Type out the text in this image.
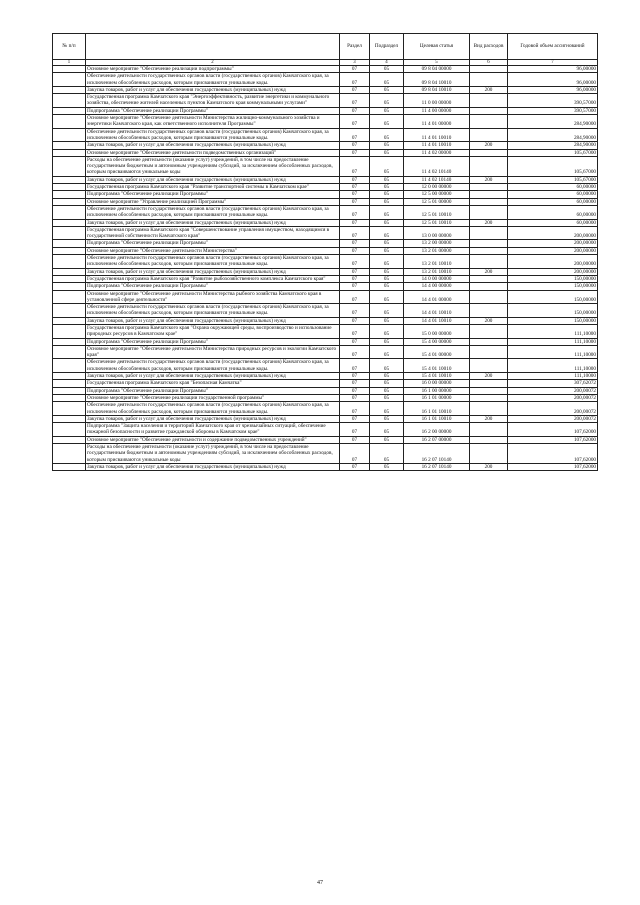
№ п/п		Раздел	Подраздел	Целевая статья	Вид расходов	Годовой объем ассигнований
1	2	3	4	5	6	7
	Основное мероприятие "Обеспечение реализации подпрограммы"	07	05	09 8 04 00000		96,00000
	Обеспечение деятельности государственных органов власти (государственных органов) Камчатского края, за исключением обособленных расходов, которым присваиваются уникальные коды.	07	05	09 8 04 10010		96,00000
	Закупка товаров, работ и услуг для обеспечения государственных (муниципальных) нужд	07	05	09 8 04 10010	200	96,00000
	Государственная программа Камчатского края "Энергоэффективность, развитие энергетики и коммунального хозяйства, обеспечение жителей населенных пунктов Камчатского края коммунальными услугами"	07	05	11 0 00 00000		390,57000
	Подпрограмма "Обеспечение реализации Программы"	07	05	11 4 00 00000		390,57000
	Основное мероприятие "Обеспечение деятельности Министерства жилищно-коммунального хозяйства и энергетики Камчатского края, как ответственного исполнителя Программы"	07	05	11 4 01 00000		284,90000
	Обеспечение деятельности государственных органов власти (государственных органов) Камчатского края, за исключением обособленных расходов, которым присваиваются уникальные коды.	07	05	11 4 01 10010		284,90000
	Закупка товаров, работ и услуг для обеспечения государственных (муниципальных) нужд	07	05	11 4 01 10010	200	284,90000
	Основное мероприятие "Обеспечение деятельности подведомственных организаций"	07	05	11 4 02 00000		105,67000
	Расходы на обеспечение деятельности (оказание услуг) учреждений, в том числе на предоставление государственным бюджетным и автономным учреждениям субсидий, за исключением обособленных расходов, которым присваиваются уникальные коды	07	05	11 4 02 10140		105,67000
	Закупка товаров, работ и услуг для обеспечения государственных (муниципальных) нужд	07	05	11 4 02 10140	200	105,67000
	Государственная программа Камчатского края "Развитие транспортной системы в Камчатском крае"	07	05	12 0 00 00000		60,00000
	Подпрограмма "Обеспечение реализации Программы"	07	05	12 5 00 00000		60,00000
	Основное мероприятие "Управление реализацией Программы"	07	05	12 5 01 00000		60,00000
	Обеспечение деятельности государственных органов власти (государственных органов) Камчатского края, за исключением обособленных расходов, которым присваиваются уникальные коды.	07	05	12 5 01 10010		60,00000
	Закупка товаров, работ и услуг для обеспечения государственных (муниципальных) нужд	07	05	12 5 01 10010	200	60,00000
	Государственная программа Камчатского края "Совершенствование управления имуществом, находящимся в государственной собственности Камчатского края"	07	05	13 0 00 00000		200,00000
	Подпрограмма "Обеспечение реализации Программы"	07	05	13 2 00 00000		200,00000
	Основное мероприятие "Обеспечение деятельности Министерства"	07	05	13 2 01 00000		200,00000
	Обеспечение деятельности государственных органов власти (государственных органов) Камчатского края, за исключением обособленных расходов, которым присваиваются уникальные коды.	07	05	13 2 01 10010		200,00000
	Закупка товаров, работ и услуг для обеспечения государственных (муниципальных) нужд	07	05	13 2 01 10010	200	200,00000
	Государственная программа Камчатского края "Развитие рыбохозяйственного комплекса Камчатского края"	07	05	14 0 00 00000		150,00000
	Подпрограмма "Обеспечение реализации Программы"	07	05	14 4 00 00000		150,00000
	Основное мероприятие "Обеспечение деятельности Министерства рыбного хозяйства Камчатского края в установленной сфере деятельности"	07	05	14 4 01 00000		150,00000
	Обеспечение деятельности государственных органов власти (государственных органов) Камчатского края, за исключением обособленных расходов, которым присваиваются уникальные коды.	07	05	14 4 01 10010		150,00000
	Закупка товаров, работ и услуг для обеспечения государственных (муниципальных) нужд	07	05	14 4 01 10010	200	150,00000
	Государственная программа Камчатского края "Охрана окружающей среды, воспроизводство и использование природных ресурсов в Камчатском крае"	07	05	15 0 00 00000		111,10000
	Подпрограмма "Обеспечение реализации Программы"	07	05	15 4 00 00000		111,10000
	Основное мероприятие "Обеспечение деятельности Министерства природных ресурсов и экологии Камчатского края"	07	05	15 4 01 00000		111,10000
	Обеспечение деятельности государственных органов власти (государственных органов) Камчатского края, за исключением обособленных расходов, которым присваиваются уникальные коды.	07	05	15 4 01 10010		111,10000
	Закупка товаров, работ и услуг для обеспечения государственных (муниципальных) нужд	07	05	15 4 01 10010	200	111,10000
	Государственная программа Камчатского края "Безопасная Камчатка"	07	05	16 0 00 00000		307,62072
	Подпрограмма "Обеспечение реализации Программы"	07	05	16 1 00 00000		200,00072
	Основное мероприятие "Обеспечение реализации государственной программы"	07	05	16 1 01 00000		200,00072
	Обеспечение деятельности государственных органов власти (государственных органов) Камчатского края, за исключением обособленных расходов, которым присваиваются уникальные коды.	07	05	16 1 01 10010		200,00072
	Закупка товаров, работ и услуг для обеспечения государственных (муниципальных) нужд	07	05	16 1 01 10010	200	200,00072
	Подпрограмма "Защита населения и территорий Камчатского края от чрезвычайных ситуаций, обеспечение пожарной безопасности и развитие гражданской обороны в Камчатском крае"	07	05	16 2 00 00000		107,62000
	Основное мероприятие "Обеспечение деятельности и содержание подведомственных учреждений"	07	05	16 2 07 00000		107,62000
	Расходы на обеспечение деятельности (оказание услуг) учреждений, в том числе на предоставление государственным бюджетным и автономным учреждениям субсидий, за исключением обособленных расходов, которым присваиваются уникальные коды	07	05	16 2 07 10140		107,62000
	Закупка товаров, работ и услуг для обеспечения государственных (муниципальных) нужд	07	05	16 2 07 10140	200	107,62000
47
